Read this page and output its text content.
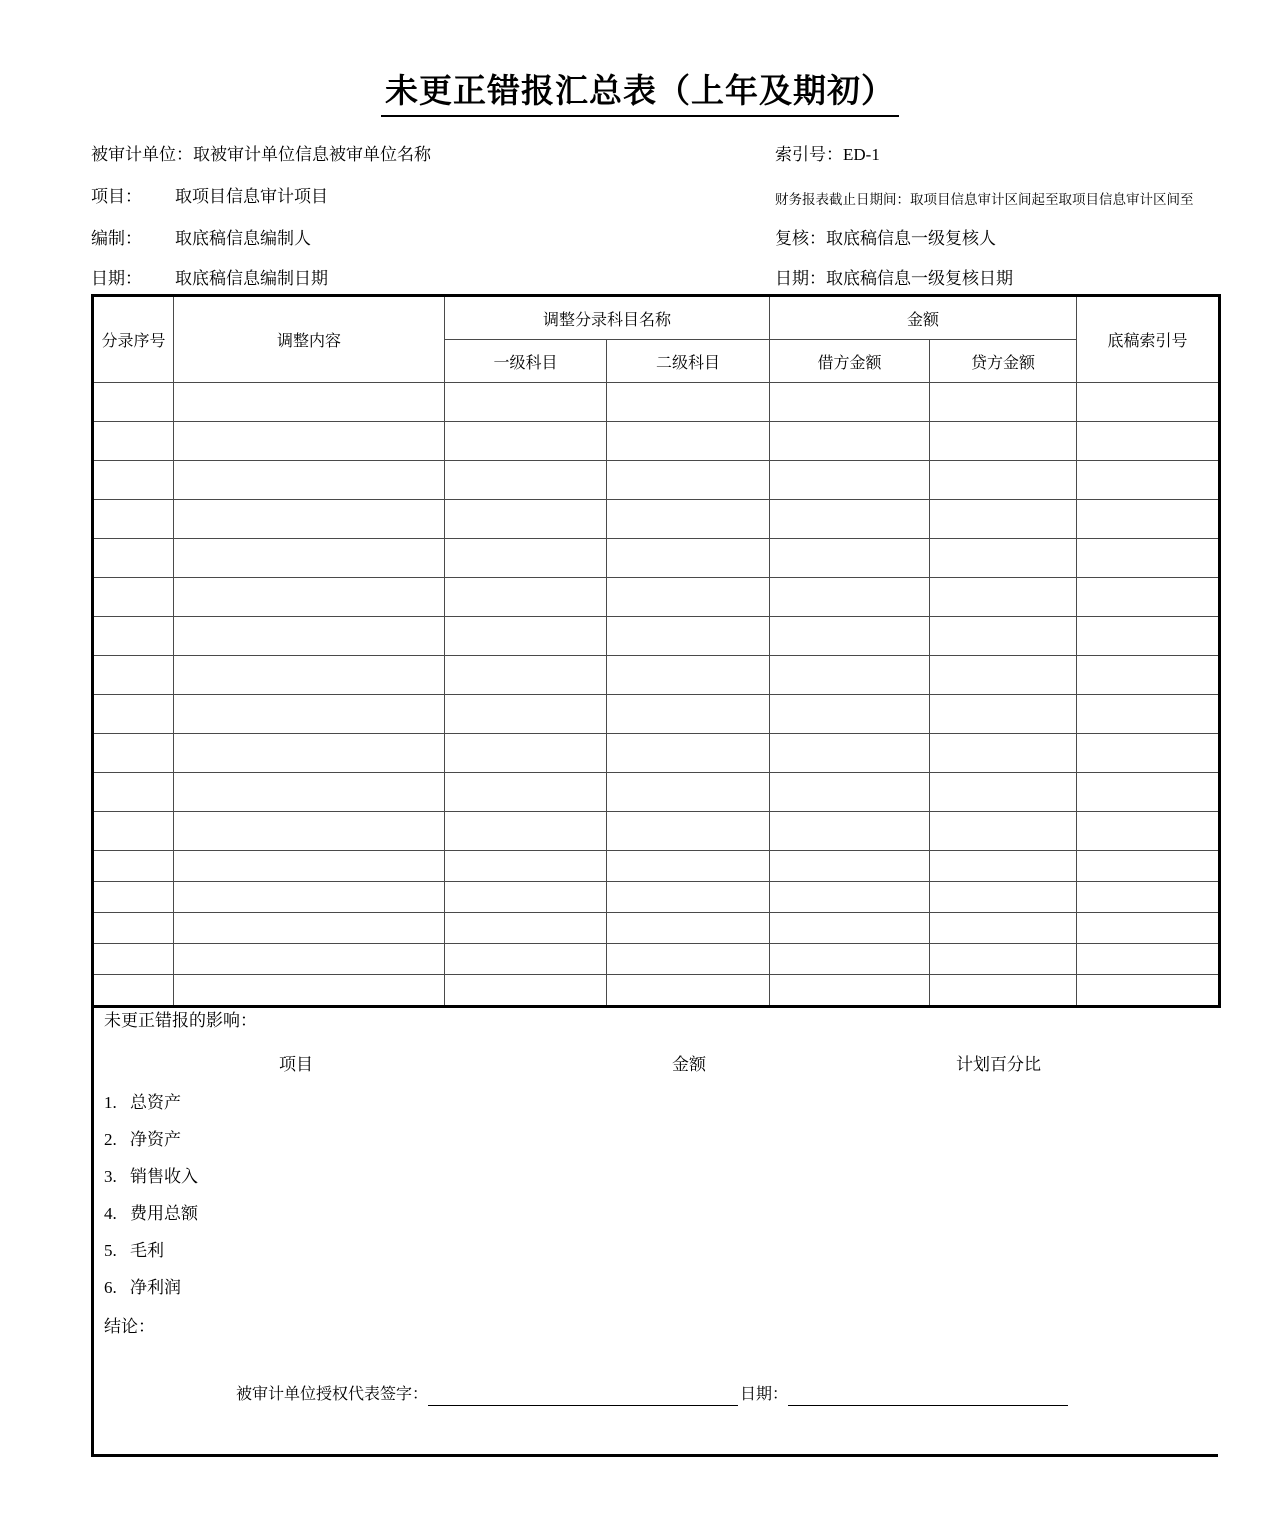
未更正错报汇总表（上年及期初）
被审计单位：取被审计单位信息被审单位名称	索引号：ED-1
项目： 取项目信息审计项目	财务报表截止日期间：取项目信息审计区间起至取项目信息审计区间至
编制： 取底稿信息编制人	复核：取底稿信息一级复核人
日期： 取底稿信息编制日期	日期：取底稿信息一级复核日期
分录序号	调整内容	调整分录科目名称		金额		底稿索引号
		一级科目	二级科目	借方金额	贷方金额	

未更正错报的影响：
项目	金额	计划百分比
1. 总资产
2. 净资产
3. 销售收入
4. 费用总额
5. 毛利
6. 净利润
结论：
被审计单位授权代表签字：	日期：
